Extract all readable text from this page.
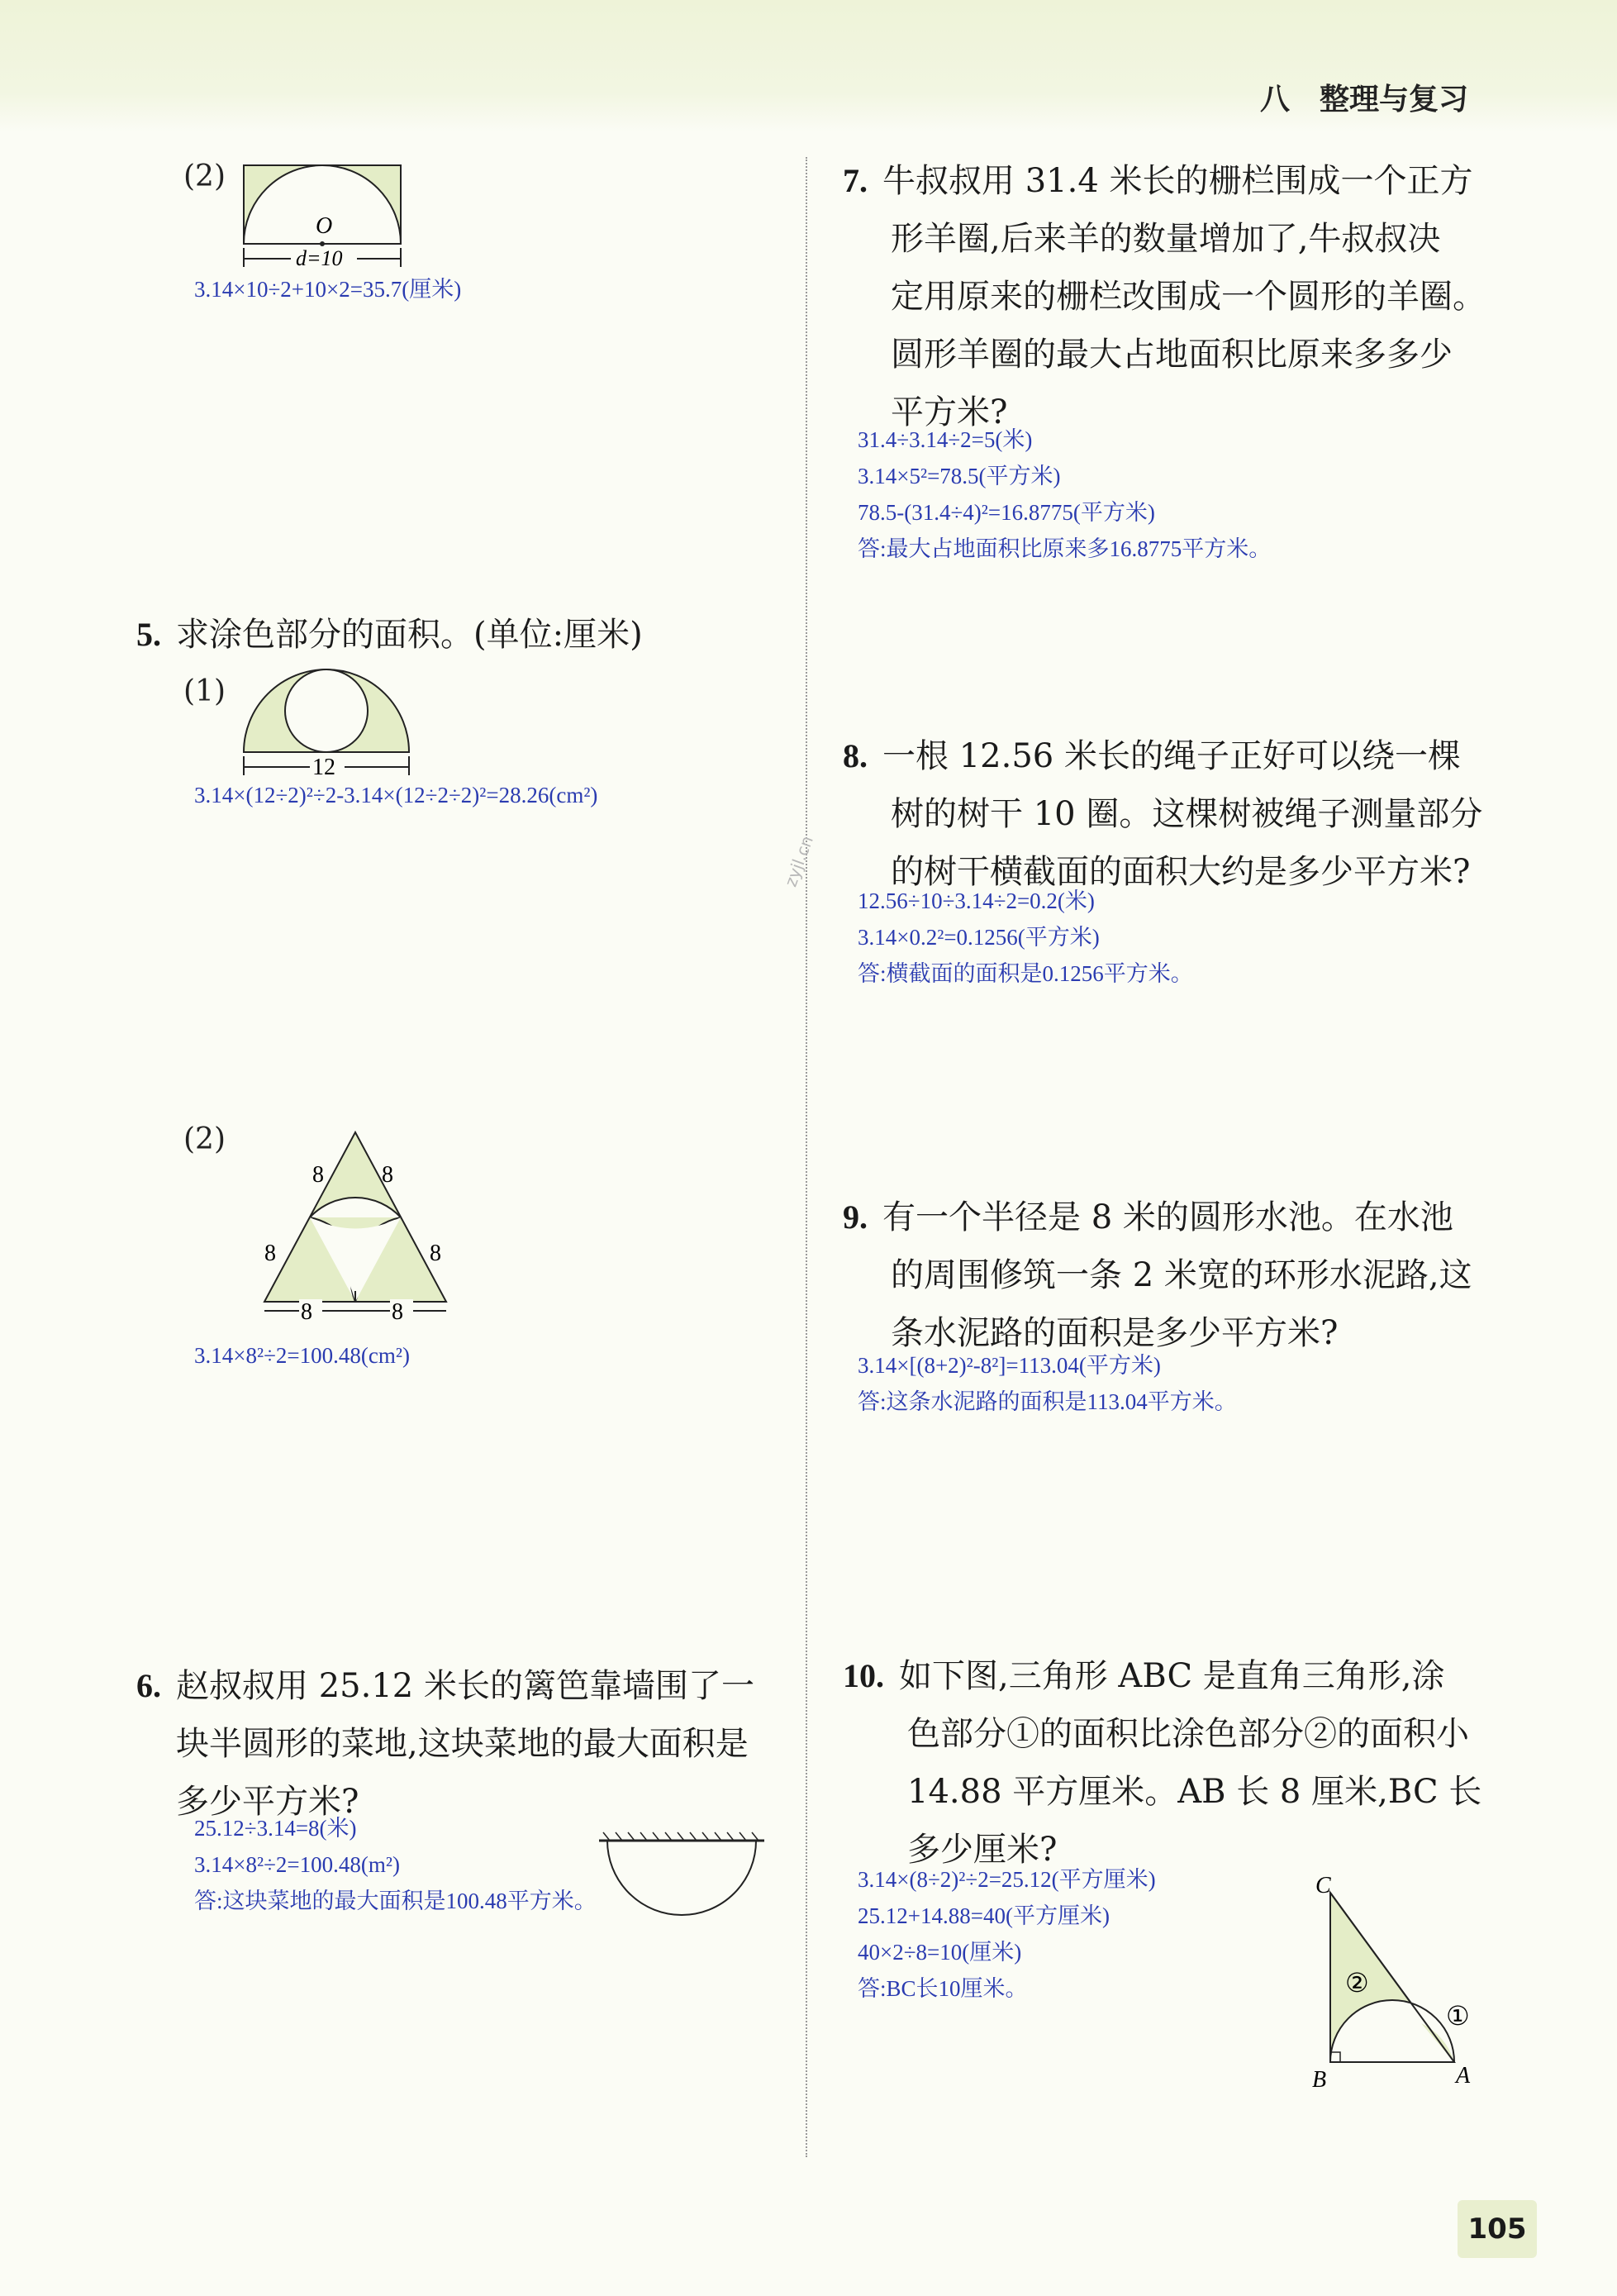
八　整理与复习
zyjl.cn
(2)
O
d=10
3.14×10÷2+10×2=35.7(厘米)
5. 求涂色部分的面积。(单位:厘米)
(1)
12
3.14×(12÷2)²÷2-3.14×(12÷2÷2)²=28.26(cm²)
(2)
8	8
8	8
8	8
3.14×8²÷2=100.48(cm²)
6. 赵叔叔用 25.12 米长的篱笆靠墙围了一
块半圆形的菜地,这块菜地的最大面积是
多少平方米?
25.12÷3.14=8(米)
3.14×8²÷2=100.48(m²)
答:这块菜地的最大面积是100.48平方米。
7. 牛叔叔用 31.4 米长的栅栏围成一个正方
形羊圈,后来羊的数量增加了,牛叔叔决
定用原来的栅栏改围成一个圆形的羊圈。
圆形羊圈的最大占地面积比原来多多少
平方米?
31.4÷3.14÷2=5(米)
3.14×5²=78.5(平方米)
78.5-(31.4÷4)²=16.8775(平方米)
答:最大占地面积比原来多16.8775平方米。
8. 一根 12.56 米长的绳子正好可以绕一棵
树的树干 10 圈。这棵树被绳子测量部分
的树干横截面的面积大约是多少平方米?
12.56÷10÷3.14÷2=0.2(米)
3.14×0.2²=0.1256(平方米)
答:横截面的面积是0.1256平方米。
9. 有一个半径是 8 米的圆形水池。在水池
的周围修筑一条 2 米宽的环形水泥路,这
条水泥路的面积是多少平方米?
3.14×[(8+2)²-8²]=113.04(平方米)
答:这条水泥路的面积是113.04平方米。
10. 如下图,三角形 ABC 是直角三角形,涂
色部分①的面积比涂色部分②的面积小
14.88 平方厘米。AB 长 8 厘米,BC 长
多少厘米?
3.14×(8÷2)²÷2=25.12(平方厘米)
25.12+14.88=40(平方厘米)
40×2÷8=10(厘米)
答:BC长10厘米。
C
B	A
②
①
105
